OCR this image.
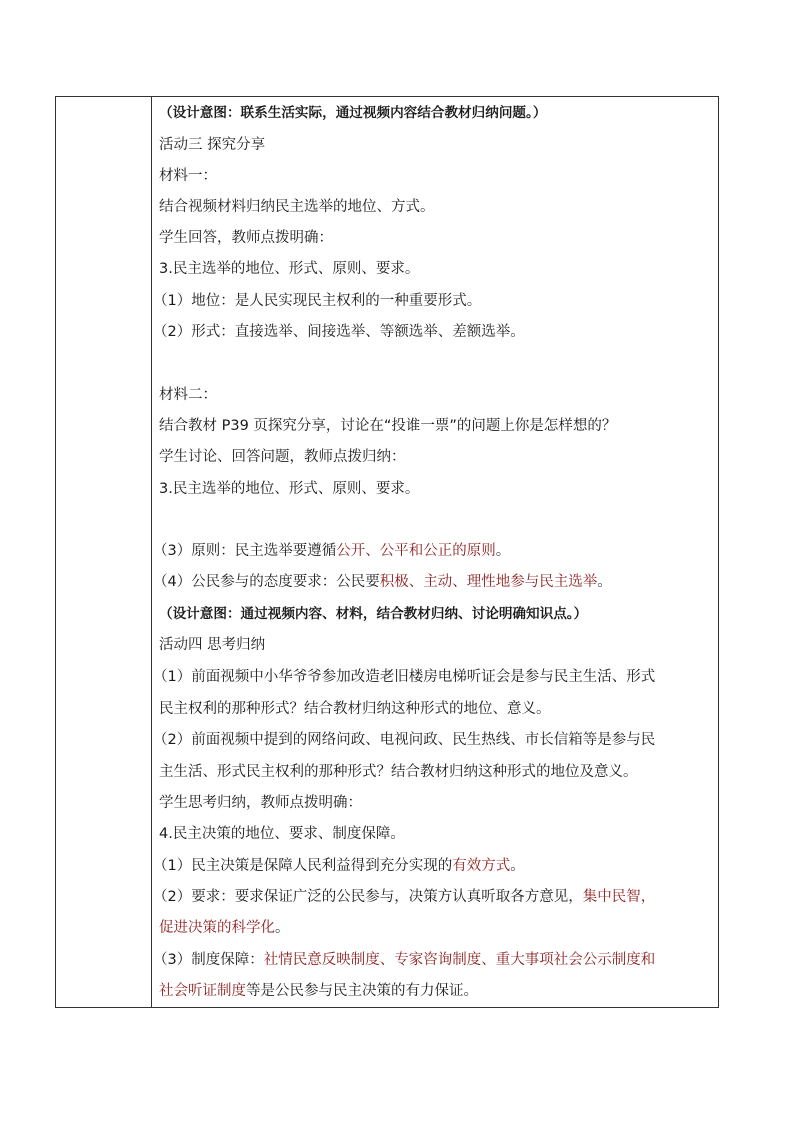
（设计意图：联系生活实际，通过视频内容结合教材归纳问题。）
活动三 探究分享
材料一：
结合视频材料归纳民主选举的地位、方式。
学生回答，教师点拨明确：
3.民主选举的地位、形式、原则、要求。
（1）地位：是人民实现民主权利的一种重要形式。
（2）形式：直接选举、间接选举、等额选举、差额选举。
材料二：
结合教材 P39 页探究分享，讨论在“投谁一票”的问题上你是怎样想的？
学生讨论、回答问题，教师点拨归纳：
3.民主选举的地位、形式、原则、要求。
（3）原则：民主选举要遵循公开、公平和公正的原则。
（4）公民参与的态度要求：公民要积极、主动、理性地参与民主选举。
（设计意图：通过视频内容、材料，结合教材归纳、讨论明确知识点。）
活动四 思考归纳
（1）前面视频中小华爷爷参加改造老旧楼房电梯听证会是参与民主生活、形式
民主权利的那种形式？结合教材归纳这种形式的地位、意义。
（2）前面视频中提到的网络问政、电视问政、民生热线、市长信箱等是参与民
主生活、形式民主权利的那种形式？结合教材归纳这种形式的地位及意义。
学生思考归纳，教师点拨明确：
4.民主决策的地位、要求、制度保障。
（1）民主决策是保障人民利益得到充分实现的有效方式。
（2）要求：要求保证广泛的公民参与，决策方认真听取各方意见，集中民智，
促进决策的科学化。
（3）制度保障：社情民意反映制度、专家咨询制度、重大事项社会公示制度和
社会听证制度等是公民参与民主决策的有力保证。
